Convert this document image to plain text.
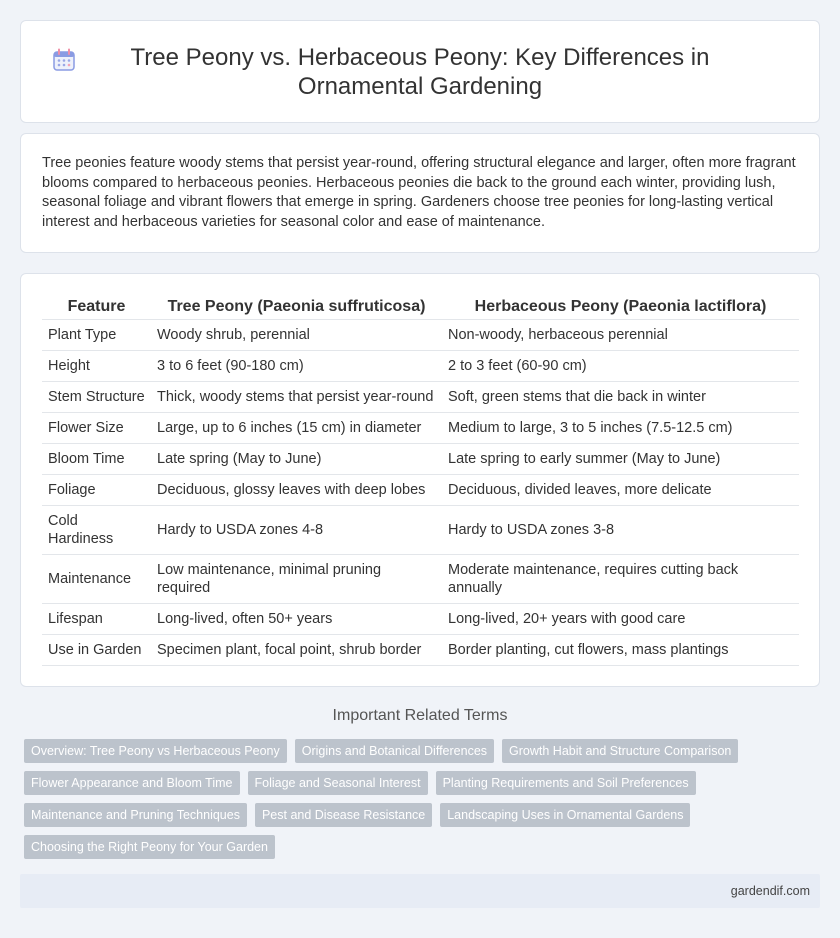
Tree Peony vs. Herbaceous Peony: Key Differences in Ornamental Gardening

Tree peonies feature woody stems that persist year-round, offering structural elegance and larger, often more fragrant blooms compared to herbaceous peonies. Herbaceous peonies die back to the ground each winter, providing lush, seasonal foliage and vibrant flowers that emerge in spring. Gardeners choose tree peonies for long-lasting vertical interest and herbaceous varieties for seasonal color and ease of maintenance.

Feature	Tree Peony (Paeonia suffruticosa)	Herbaceous Peony (Paeonia lactiflora)
Plant Type	Woody shrub, perennial	Non-woody, herbaceous perennial
Height	3 to 6 feet (90-180 cm)	2 to 3 feet (60-90 cm)
Stem Structure	Thick, woody stems that persist year-round	Soft, green stems that die back in winter
Flower Size	Large, up to 6 inches (15 cm) in diameter	Medium to large, 3 to 5 inches (7.5-12.5 cm)
Bloom Time	Late spring (May to June)	Late spring to early summer (May to June)
Foliage	Deciduous, glossy leaves with deep lobes	Deciduous, divided leaves, more delicate
Cold Hardiness	Hardy to USDA zones 4-8	Hardy to USDA zones 3-8
Maintenance	Low maintenance, minimal pruning required	Moderate maintenance, requires cutting back annually
Lifespan	Long-lived, often 50+ years	Long-lived, 20+ years with good care
Use in Garden	Specimen plant, focal point, shrub border	Border planting, cut flowers, mass plantings
Important Related Terms
Overview: Tree Peony vs Herbaceous Peony	Origins and Botanical Differences	Growth Habit and Structure Comparison
Flower Appearance and Bloom Time	Foliage and Seasonal Interest	Planting Requirements and Soil Preferences
Maintenance and Pruning Techniques	Pest and Disease Resistance	Landscaping Uses in Ornamental Gardens
Choosing the Right Peony for Your Garden
gardendif.com
